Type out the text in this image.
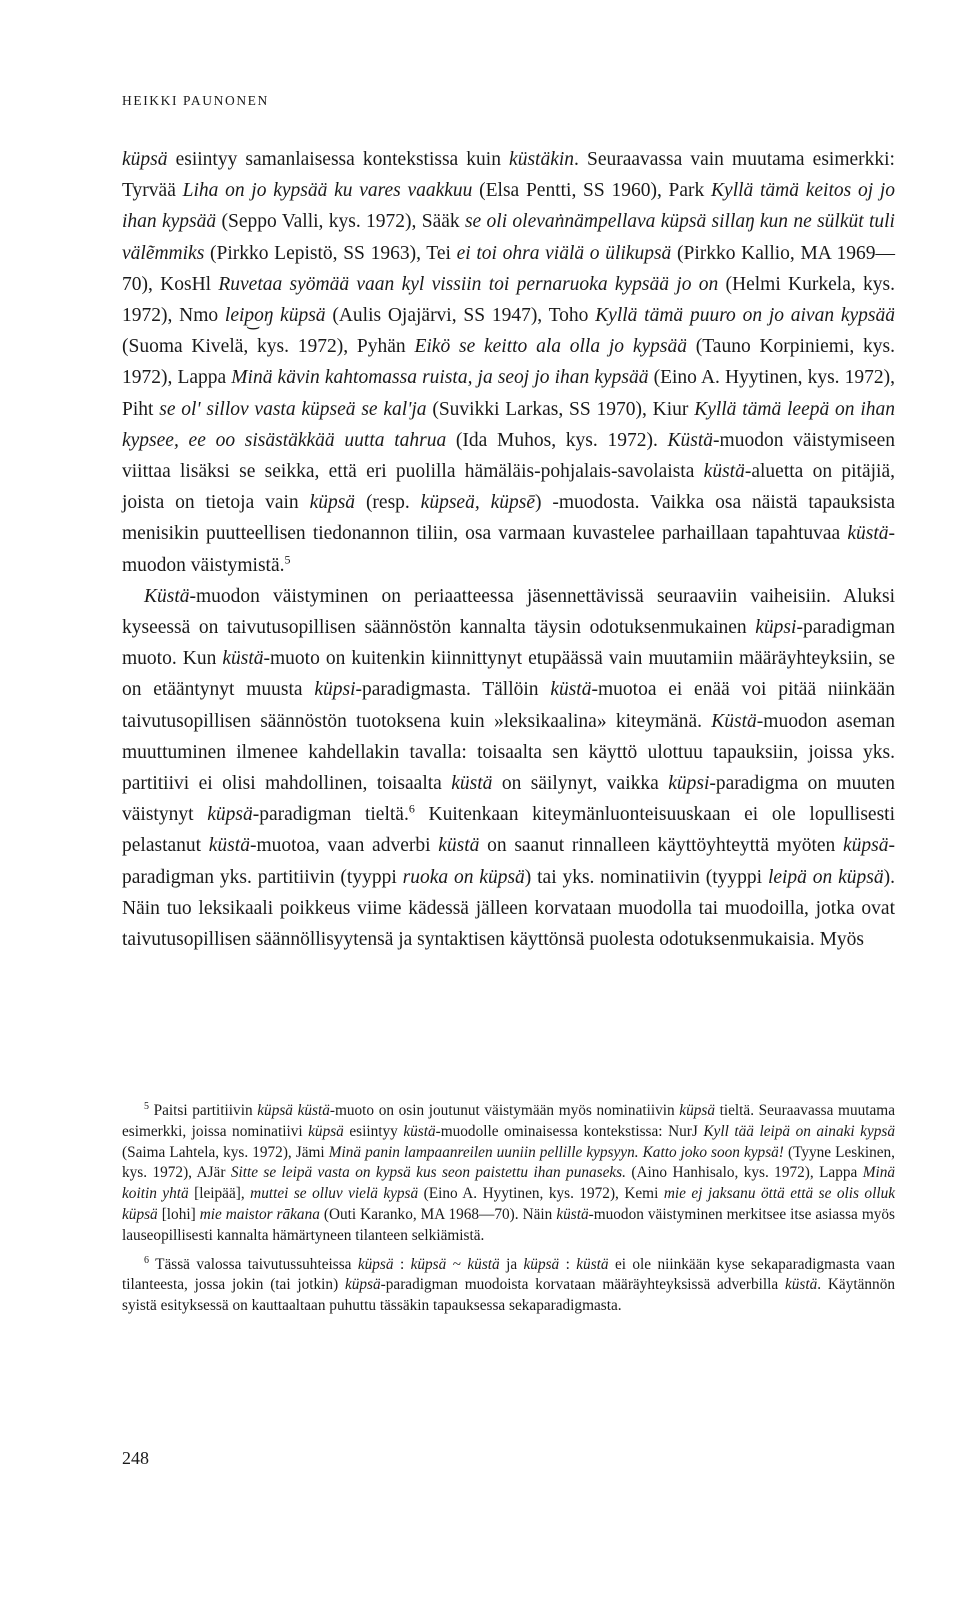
HEIKKI PAUNONEN

küpsä esiintyy samanlaisessa kontekstissa kuin küstäkin. Seuraavassa vain muutama esimerkki: Tyrvää Liha on jo kypsää ku vares vaakkuu (Elsa Pentti, SS 1960), Park Kyllä tämä keitos oj jo ihan kypsää (Seppo Valli, kys. 1972), Sääk se oli olevaṅnämpellava küpsä sillaŋ kun ne sülküt tuli välẽmmiks (Pirkko Lepistö, SS 1963), Tei ei toi ohra viälä o ülikupsä (Pirkko Kallio, MA 1969—70), KosHl Ruvetaa syömää vaan kyl vissiin toi pernaruoka kypsää jo on (Helmi Kurkela, kys. 1972), Nmo leip͜oŋ küpsä (Aulis Ojajärvi, SS 1947), Toho Kyllä tämä puuro on jo aivan kypsää (Suoma Kivelä, kys. 1972), Pyhän Eikö se keitto ala olla jo kypsää (Tauno Korpiniemi, kys. 1972), Lappa Minä kävin kahtomassa ruista, ja seoj jo ihan kypsää (Eino A. Hyytinen, kys. 1972), Piht se ol' sillov vasta küpseä se kal'ja (Suvikki Larkas, SS 1970), Kiur Kyllä tämä leepä on ihan kypsee, ee oo sisästäkkää uutta tahrua (Ida Muhos, kys. 1972). Küstä-muodon väistymiseen viittaa lisäksi se seikka, että eri puolilla hämäläis-pohjalais-savolaista küstä-aluetta on pitäjiä, joista on tietoja vain küpsä (resp. küpseä, küpsē) -muodosta. Vaikka osa näistä tapauksista menisikin puutteellisen tiedonannon tiliin, osa varmaan kuvastelee parhaillaan tapahtuvaa küstä-muodon väistymistä.$^5$

Küstä-muodon väistyminen on periaatteessa jäsennettävissä seuraaviin vaiheisiin. Aluksi kyseessä on taivutusopillisen säännöstön kannalta täysin odotuksenmukainen küpsi-paradigman muoto. Kun küstä-muoto on kuitenkin kiinnittynyt etupäässä vain muutamiin määräyhteyksiin, se on etääntynyt muusta küpsi-paradigmasta. Tällöin küstä-muotoa ei enää voi pitää niinkään taivutusopillisen säännöstön tuotoksena kuin »leksikaalina» kiteymänä. Küstä-muodon aseman muuttuminen ilmenee kahdellakin tavalla: toisaalta sen käyttö ulottuu tapauksiin, joissa yks. partitiivi ei olisi mahdollinen, toisaalta küstä on säilynyt, vaikka küpsi-paradigma on muuten väistynyt küpsä-paradigman tieltä.$^6$ Kuitenkaan kiteymänluonteisuuskaan ei ole lopullisesti pelastanut küstä-muotoa, vaan adverbi küstä on saanut rinnalleen käyttöyhteyttä myöten küpsä-paradigman yks. partitiivin (tyyppi ruoka on küpsä) tai yks. nominatiivin (tyyppi leipä on küpsä). Näin tuo leksikaali poikkeus viime kädessä jälleen korvataan muodolla tai muodoilla, jotka ovat taivutusopillisen säännöllisyytensä ja syntaktisen käyttönsä puolesta odotuksenmukaisia. Myös

$^5$ Paitsi partitiivin küpsä küstä-muoto on osin joutunut väistymään myös nominatiivin küpsä tieltä. Seuraavassa muutama esimerkki, joissa nominatiivi küpsä esiintyy küstä-muodolle ominaisessa kontekstissa: NurJ Kyll tää leipä on ainaki kypsä (Saima Lahtela, kys. 1972), Jämi Minä panin lampaanreilen uuniin pellille kypsyyn. Katto joko soon kypsä! (Tyyne Leskinen, kys. 1972), AJär Sitte se leipä vasta on kypsä kus seon paistettu ihan punaseks. (Aino Hanhisalo, kys. 1972), Lappa Minä koitin yhtä [leipää], muttei se olluv vielä kypsä (Eino A. Hyytinen, kys. 1972), Kemi mie ej jaksanu öttä että se olis olluk küpsä [lohi] mie maistor rākana (Outi Karanko, MA 1968—70). Näin küstä-muodon väistyminen merkitsee itse asiassa myös lauseopillisesti kannalta hämärtyneen tilanteen selkiämistä.

$^6$ Tässä valossa taivutussuhteissa küpsä : küpsä ~ küstä ja küpsä : küstä ei ole niinkään kyse sekaparadigmasta vaan tilanteesta, jossa jokin (tai jotkin) küpsä-paradigman muodoista korvataan määräyhteyksissä adverbilla küstä. Käytännön syistä esityksessä on kauttaaltaan puhuttu tässäkin tapauksessa sekaparadigmasta.

248
